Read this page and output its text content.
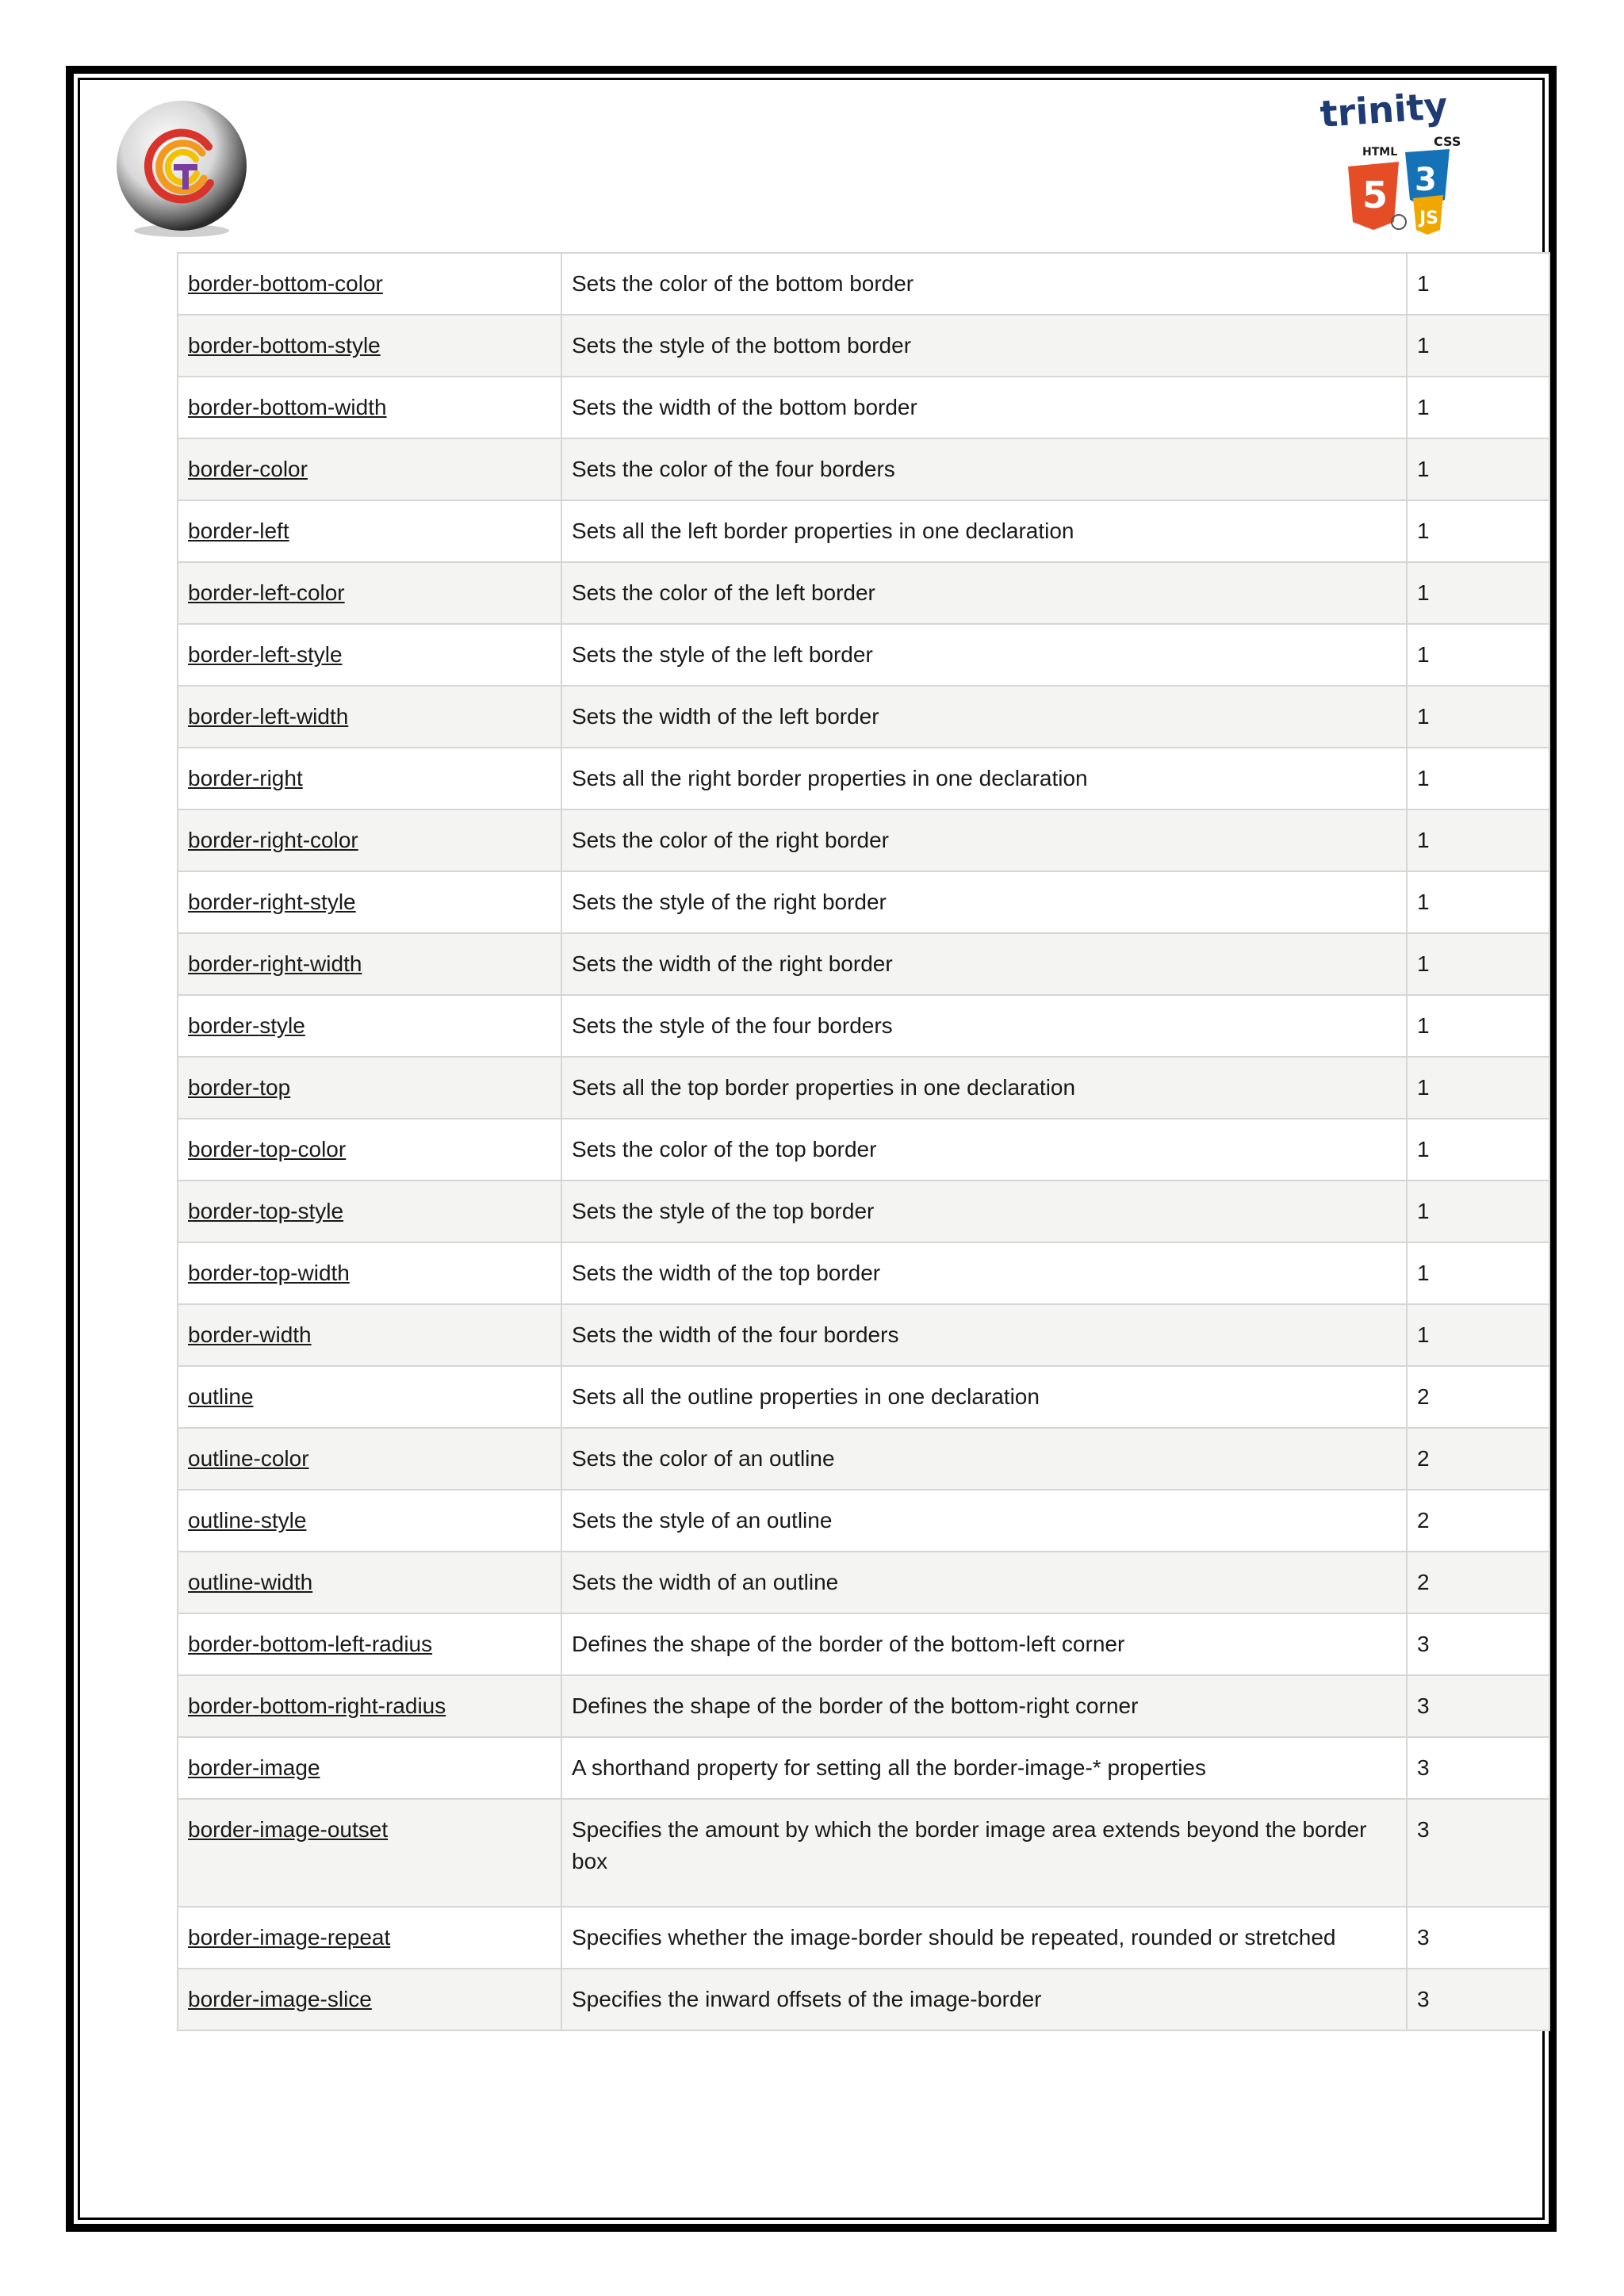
trinity
HTML
CSS
5 3
JS
border-bottom-color	Sets the color of the bottom border	1
border-bottom-style	Sets the style of the bottom border	1
border-bottom-width	Sets the width of the bottom border	1
border-color	Sets the color of the four borders	1
border-left	Sets all the left border properties in one declaration	1
border-left-color	Sets the color of the left border	1
border-left-style	Sets the style of the left border	1
border-left-width	Sets the width of the left border	1
border-right	Sets all the right border properties in one declaration	1
border-right-color	Sets the color of the right border	1
border-right-style	Sets the style of the right border	1
border-right-width	Sets the width of the right border	1
border-style	Sets the style of the four borders	1
border-top	Sets all the top border properties in one declaration	1
border-top-color	Sets the color of the top border	1
border-top-style	Sets the style of the top border	1
border-top-width	Sets the width of the top border	1
border-width	Sets the width of the four borders	1
outline	Sets all the outline properties in one declaration	2
outline-color	Sets the color of an outline	2
outline-style	Sets the style of an outline	2
outline-width	Sets the width of an outline	2
border-bottom-left-radius	Defines the shape of the border of the bottom-left corner	3
border-bottom-right-radius	Defines the shape of the border of the bottom-right corner	3
border-image	A shorthand property for setting all the border-image-* properties	3
border-image-outset	Specifies the amount by which the border image area extends beyond the border box	3
border-image-repeat	Specifies whether the image-border should be repeated, rounded or stretched	3
border-image-slice	Specifies the inward offsets of the image-border	3
